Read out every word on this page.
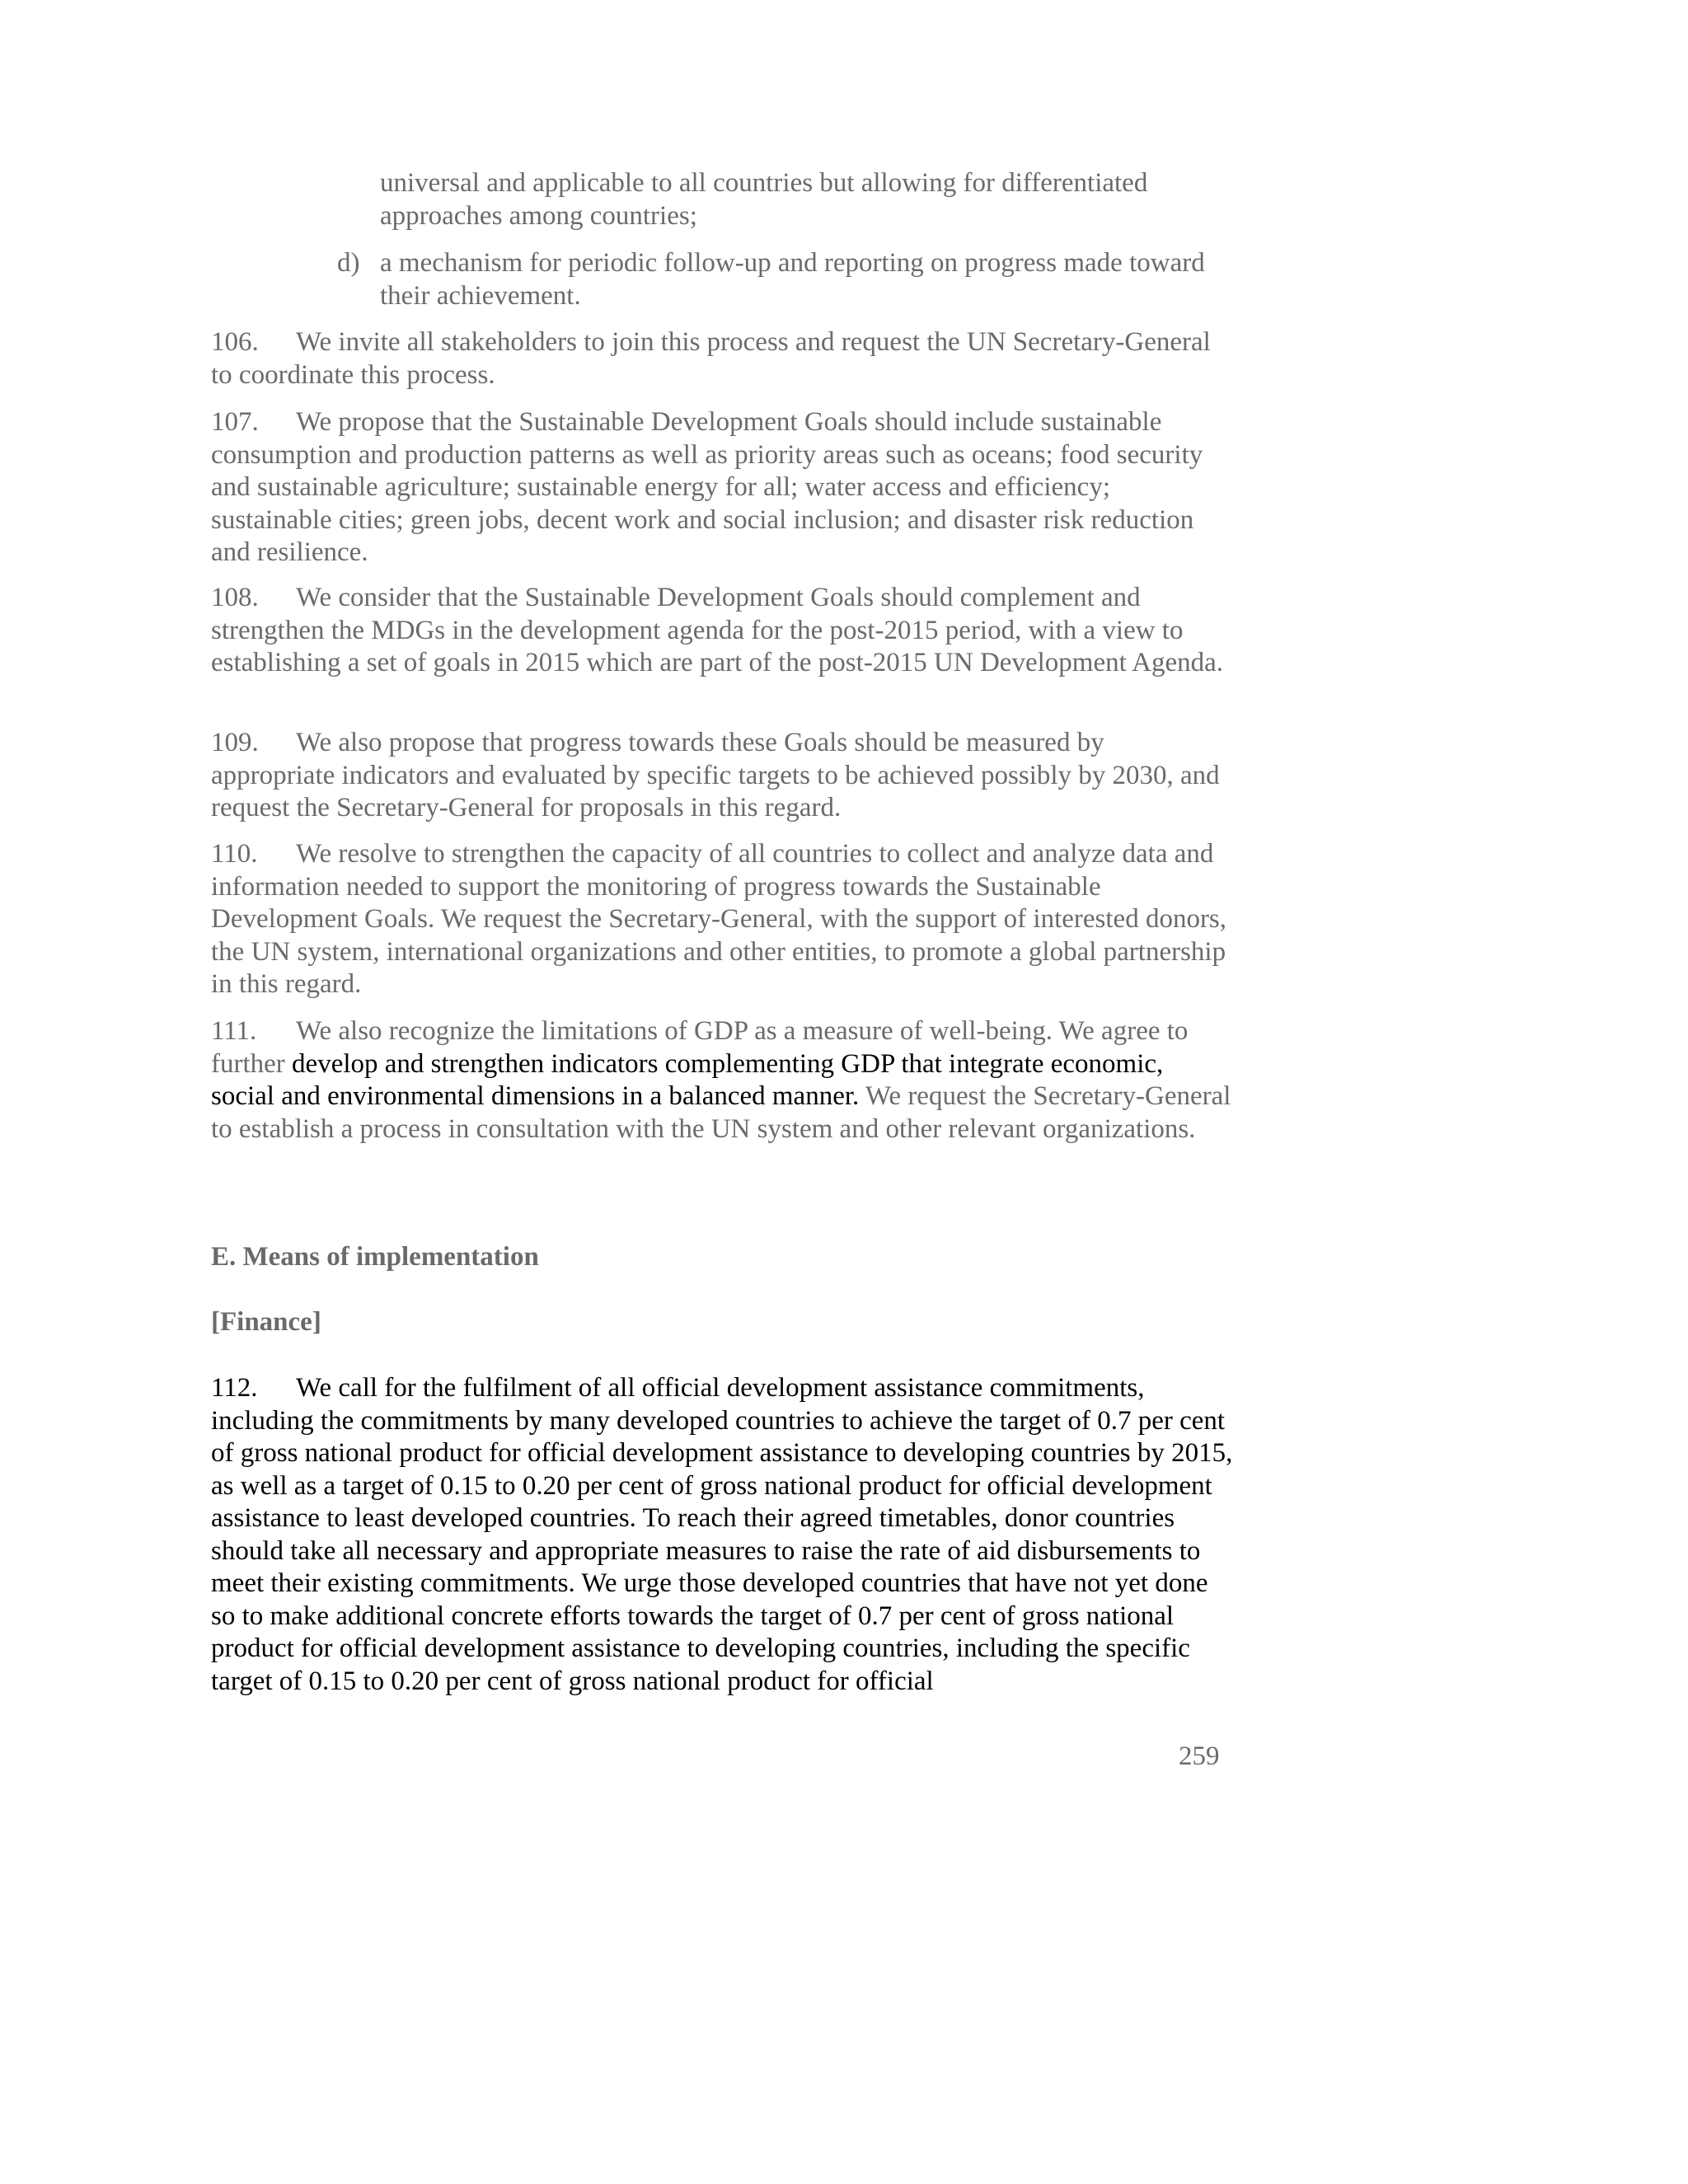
universal and applicable to all countries but allowing for differentiated approaches among countries;
d) a mechanism for periodic follow-up and reporting on progress made toward their achievement.
106. We invite all stakeholders to join this process and request the UN Secretary-General to coordinate this process.
107. We propose that the Sustainable Development Goals should include sustainable consumption and production patterns as well as priority areas such as oceans; food security and sustainable agriculture; sustainable energy for all; water access and efficiency; sustainable cities; green jobs, decent work and social inclusion; and disaster risk reduction and resilience.
108. We consider that the Sustainable Development Goals should complement and strengthen the MDGs in the development agenda for the post-2015 period, with a view to establishing a set of goals in 2015 which are part of the post-2015 UN Development Agenda.
109. We also propose that progress towards these Goals should be measured by appropriate indicators and evaluated by specific targets to be achieved possibly by 2030, and request the Secretary-General for proposals in this regard.
110. We resolve to strengthen the capacity of all countries to collect and analyze data and information needed to support the monitoring of progress towards the Sustainable Development Goals. We request the Secretary-General, with the support of interested donors, the UN system, international organizations and other entities, to promote a global partnership in this regard.
111. We also recognize the limitations of GDP as a measure of well-being. We agree to further develop and strengthen indicators complementing GDP that integrate economic, social and environmental dimensions in a balanced manner. We request the Secretary-General to establish a process in consultation with the UN system and other relevant organizations.
E. Means of implementation
[Finance]
112. We call for the fulfilment of all official development assistance commitments, including the commitments by many developed countries to achieve the target of 0.7 per cent of gross national product for official development assistance to developing countries by 2015, as well as a target of 0.15 to 0.20 per cent of gross national product for official development assistance to least developed countries. To reach their agreed timetables, donor countries should take all necessary and appropriate measures to raise the rate of aid disbursements to meet their existing commitments. We urge those developed countries that have not yet done so to make additional concrete efforts towards the target of 0.7 per cent of gross national product for official development assistance to developing countries, including the specific target of 0.15 to 0.20 per cent of gross national product for official
259
